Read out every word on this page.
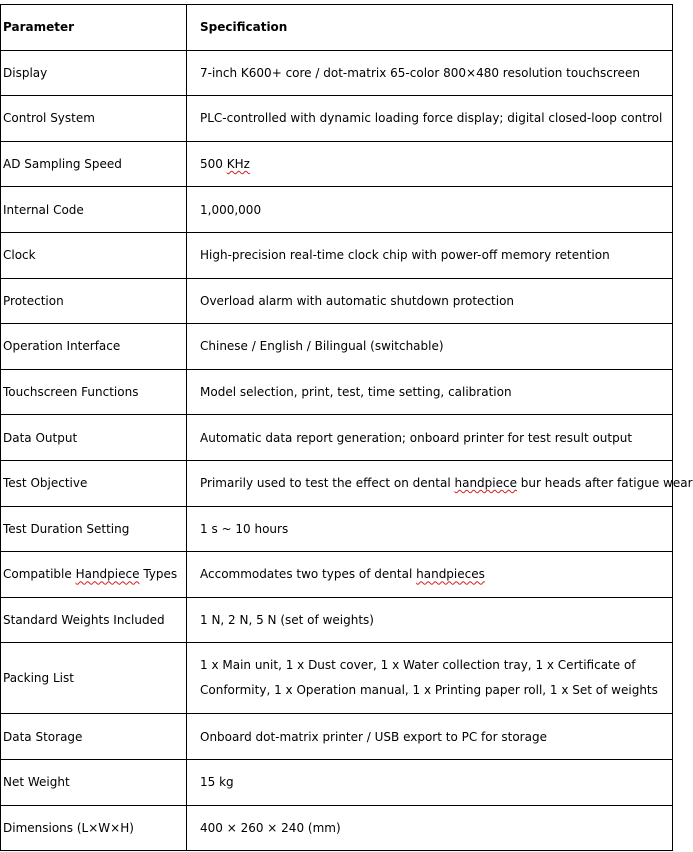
Parameter	Specification
Display	7-inch K600+ core / dot-matrix 65-color 800×480 resolution touchscreen
Control System	PLC-controlled with dynamic loading force display; digital closed-loop control
AD Sampling Speed	500 KHz
Internal Code	1,000,000
Clock	High-precision real-time clock chip with power-off memory retention
Protection	Overload alarm with automatic shutdown protection
Operation Interface	Chinese / English / Bilingual (switchable)
Touchscreen Functions	Model selection, print, test, time setting, calibration
Data Output	Automatic data report generation; onboard printer for test result output
Test Objective	Primarily used to test the effect on dental handpiece bur heads after fatigue wear
Test Duration Setting	1 s ~ 10 hours
Compatible Handpiece Types	Accommodates two types of dental handpieces
Standard Weights Included	1 N, 2 N, 5 N (set of weights)
Packing List	1 x Main unit, 1 x Dust cover, 1 x Water collection tray, 1 x Certificate of Conformity, 1 x Operation manual, 1 x Printing paper roll, 1 x Set of weights
Data Storage	Onboard dot-matrix printer / USB export to PC for storage
Net Weight	15 kg
Dimensions (L×W×H)	400 × 260 × 240 (mm)
